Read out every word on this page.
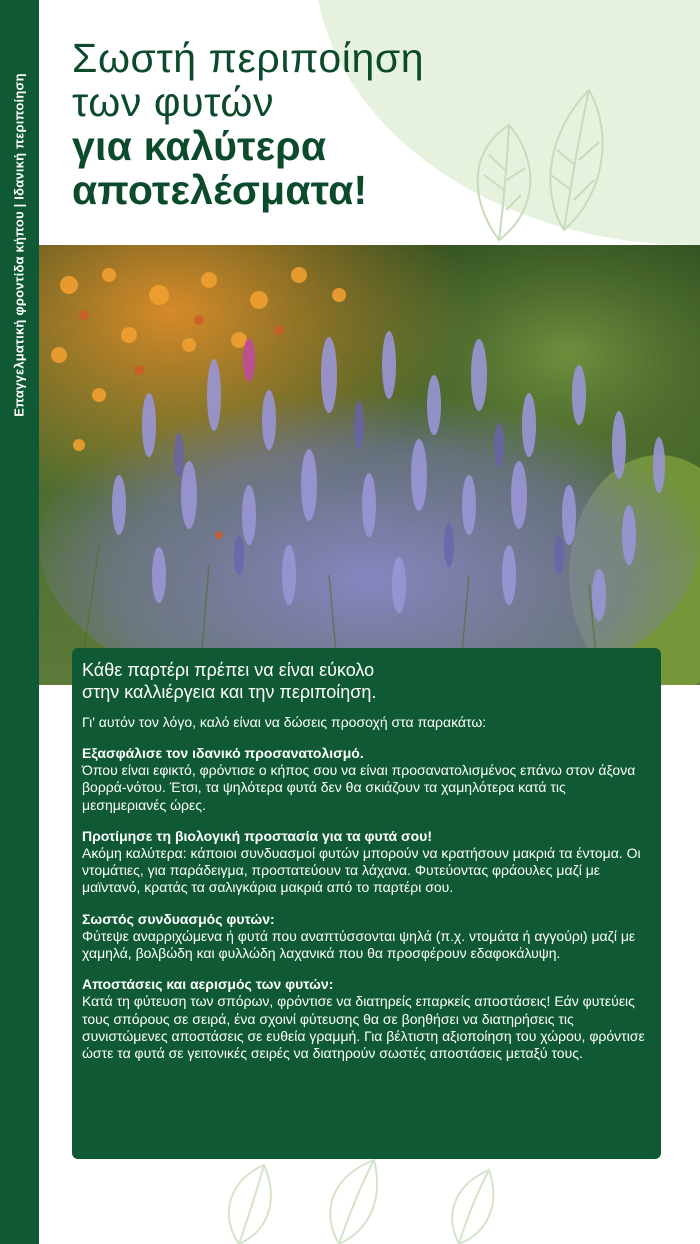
Επαγγελματική φροντίδα κήπου | Ιδανική περιποίηση
Σωστή περιποίηση
των φυτών
για καλύτερα
αποτελέσματα!
Κάθε παρτέρι πρέπει να είναι εύκολο
στην καλλιέργεια και την περιποίηση.
Γι' αυτόν τον λόγο, καλό είναι να δώσεις προσοχή στα παρακάτω:
Εξασφάλισε τον ιδανικό προσανατολισμό.
Όπου είναι εφικτό, φρόντισε ο κήπος σου να είναι προσανατολισμένος επάνω στον άξονα βορρά-νότου. Έτσι, τα ψηλότερα φυτά δεν θα σκιάζουν τα χαμηλότερα κατά τις μεσημεριανές ώρες.
Προτίμησε τη βιολογική προστασία για τα φυτά σου!
Ακόμη καλύτερα: κάποιοι συνδυασμοί φυτών μπορούν να κρατήσουν μακριά τα έντομα. Οι ντομάτιες, για παράδειγμα, προστατεύουν τα λάχανα. Φυτεύοντας φράουλες μαζί με μαϊντανό, κρατάς τα σαλιγκάρια μακριά από το παρτέρι σου.
Σωστός συνδυασμός φυτών:
Φύτεψε αναρριχώμενα ή φυτά που αναπτύσσονται ψηλά (π.χ. ντομάτα ή αγγούρι) μαζί με χαμηλά, βολβώδη και φυλλώδη λαχανικά που θα προσφέρουν εδαφοκάλυψη.
Αποστάσεις και αερισμός των φυτών:
Κατά τη φύτευση των σπόρων, φρόντισε να διατηρείς επαρκείς αποστάσεις! Εάν φυτεύεις τους σπόρους σε σειρά, ένα σχοινί φύτευσης θα σε βοηθήσει να διατηρήσεις τις συνιστώμενες αποστάσεις σε ευθεία γραμμή. Για βέλτιστη αξιοποίηση του χώρου, φρόντισε ώστε τα φυτά σε γειτονικές σειρές να διατηρούν σωστές αποστάσεις μεταξύ τους.
